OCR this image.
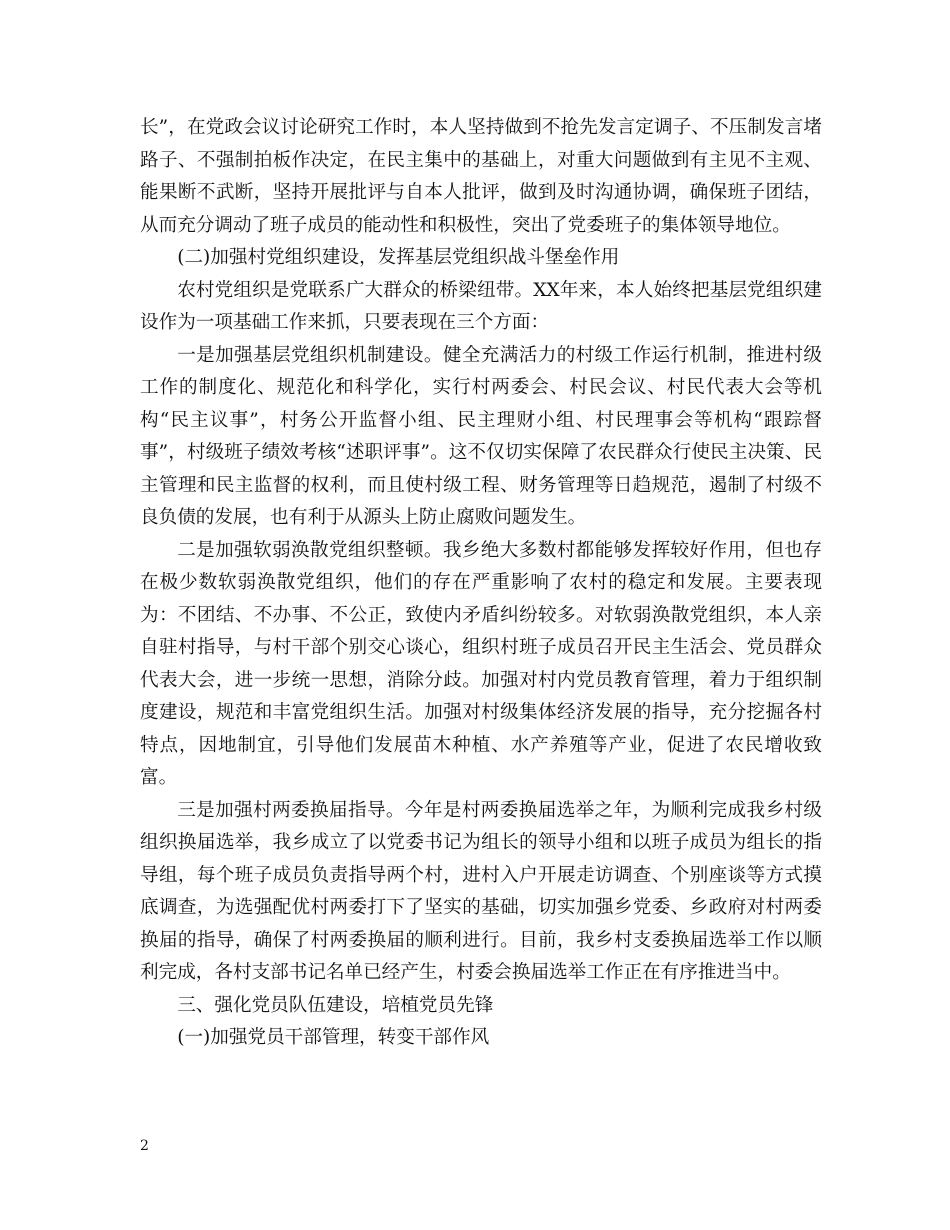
长”，在党政会议讨论研究工作时，本人坚持做到不抢先发言定调子、不压制发言堵路子、不强制拍板作决定，在民主集中的基础上，对重大问题做到有主见不主观、能果断不武断，坚持开展批评与自本人批评，做到及时沟通协调，确保班子团结，从而充分调动了班子成员的能动性和积极性，突出了党委班子的集体领导地位。

(二)加强村党组织建设，发挥基层党组织战斗堡垒作用

农村党组织是党联系广大群众的桥梁纽带。XX年来，本人始终把基层党组织建设作为一项基础工作来抓，只要表现在三个方面：

一是加强基层党组织机制建设。健全充满活力的村级工作运行机制，推进村级工作的制度化、规范化和科学化，实行村两委会、村民会议、村民代表大会等机构“民主议事”，村务公开监督小组、民主理财小组、村民理事会等机构“跟踪督事”，村级班子绩效考核“述职评事”。这不仅切实保障了农民群众行使民主决策、民主管理和民主监督的权利，而且使村级工程、财务管理等日趋规范，遏制了村级不良负债的发展，也有利于从源头上防止腐败问题发生。

二是加强软弱涣散党组织整顿。我乡绝大多数村都能够发挥较好作用，但也存在极少数软弱涣散党组织，他们的存在严重影响了农村的稳定和发展。主要表现为：不团结、不办事、不公正，致使内矛盾纠纷较多。对软弱涣散党组织，本人亲自驻村指导，与村干部个别交心谈心，组织村班子成员召开民主生活会、党员群众代表大会，进一步统一思想，消除分歧。加强对村内党员教育管理，着力于组织制度建设，规范和丰富党组织生活。加强对村级集体经济发展的指导，充分挖掘各村特点，因地制宜，引导他们发展苗木种植、水产养殖等产业，促进了农民增收致富。

三是加强村两委换届指导。今年是村两委换届选举之年，为顺利完成我乡村级组织换届选举，我乡成立了以党委书记为组长的领导小组和以班子成员为组长的指导组，每个班子成员负责指导两个村，进村入户开展走访调查、个别座谈等方式摸底调查，为选强配优村两委打下了坚实的基础，切实加强乡党委、乡政府对村两委换届的指导，确保了村两委换届的顺利进行。目前，我乡村支委换届选举工作以顺利完成，各村支部书记名单已经产生，村委会换届选举工作正在有序推进当中。

三、强化党员队伍建设，培植党员先锋

(一)加强党员干部管理，转变干部作风

2
